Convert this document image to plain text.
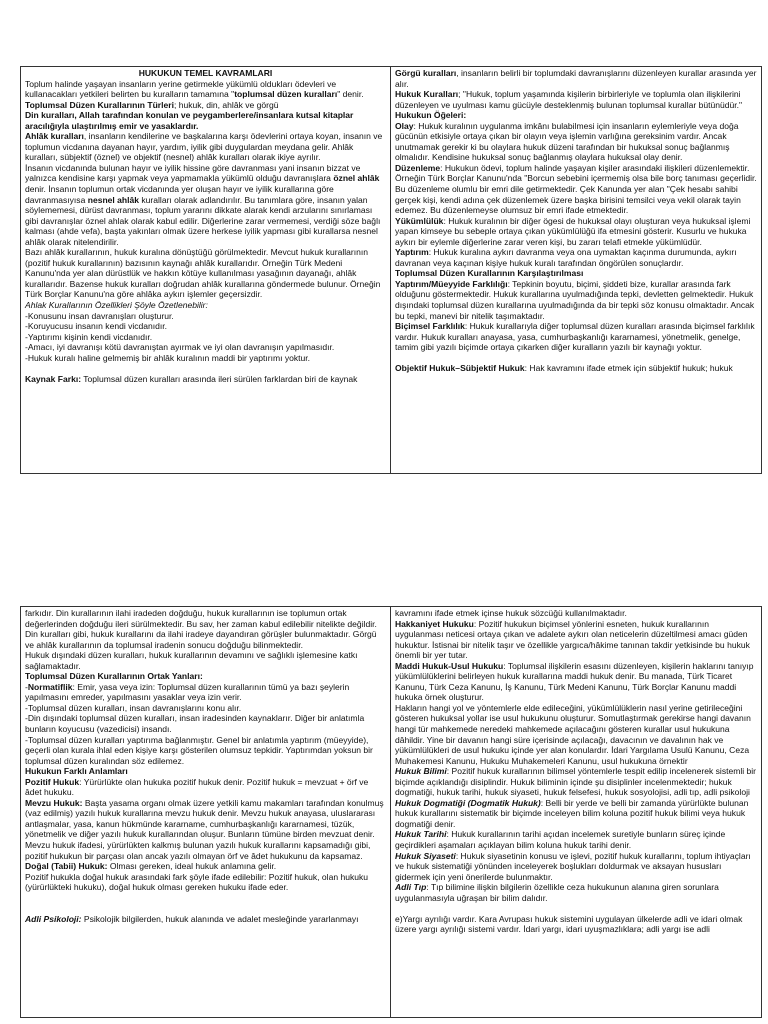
HUKUKUN TEMEL KAVRAMLARI

Toplum halinde yaşayan insanların yerine getirmekle yükümlü oldukları ödevleri ve kullanacakları yetkileri belirten bu kuralların tamamına "toplumsal düzen kuralları" denir.

Toplumsal Düzen Kurallarının Türleri; hukuk, din, ahlâk ve görgü

Din kuralları, Allah tarafından konulan ve peygamberlere/insanlara kutsal kitaplar aracılığıyla ulaştırılmış emir ve yasaklardır.

Ahlâk kuralları, insanların kendilerine ve başkalarına karşı ödevlerini ortaya koyan, insanın ve toplumun vicdanına dayanan hayır, yardım, iyilik gibi duygulardan meydana gelir. Ahlâk kuralları, sübjektif (öznel) ve objektif (nesnel) ahlâk kuralları olarak ikiye ayrılır.

İnsanın vicdanında bulunan hayır ve iyilik hissine göre davranması yani insanın bizzat ve yalnızca kendisine karşı yapmak veya yapmamakla yükümlü olduğu davranışlara öznel ahlâk denir. İnsanın toplumun ortak vicdanında yer oluşan hayır ve iyilik kurallarına göre davranmasıyısa nesnel ahlâk kuralları olarak adlandırılır. Bu tanımlara göre, insanın yalan söylememesi, dürüst davranması, toplum yararını dikkate alarak kendi arzularını sınırlaması gibi davranışlar öznel ahlak olarak kabul edilir. Diğerlerine zarar vermemesi, verdiği söze bağlı kalması (ahde vefa), başta yakınları olmak üzere herkese iyilik yapması gibi kurallarsa nesnel ahlâk olarak nitelendirilir.

Bazı ahlâk kurallarının, hukuk kuralına dönüştüğü görülmektedir. Mevcut hukuk kurallarının (pozitif hukuk kurallarının) bazısının kaynağı ahlâk kurallarıdır. Örneğin Türk Medeni Kanunu'nda yer alan dürüstlük ve hakkın kötüye kullanılması yasağının dayanağı, ahlâk kurallarıdır. Bazense hukuk kuralları doğrudan ahlâk kurallarına göndermede bulunur. Örneğin Türk Borçlar Kanunu'na göre ahlâka aykırı işlemler geçersizdir.

Ahlak Kurallarının Özellikleri Şöyle Özetlenebilir:

-Konusunu insan davranışları oluşturur.

-Koruyucusu insanın kendi vicdanıdır.

-Yaptırımı kişinin kendi vicdanıdır.

-Amacı, iyi davranışı kötü davranıştan ayırmak ve iyi olan davranışın yapılmasıdır.

-Hukuk kuralı haline gelmemiş bir ahlâk kuralının maddi bir yaptırımı yoktur.

Kaynak Farkı: Toplumsal düzen kuralları arasında ileri sürülen farklardan biri de kaynak

Görgü kuralları, insanların belirli bir toplumdaki davranışlarını düzenleyen kurallar arasında yer alır.

Hukuk Kuralları; "Hukuk, toplum yaşamında kişilerin birbirleriyle ve toplumla olan ilişkilerini düzenleyen ve uyulması kamu gücüyle desteklenmiş bulunan toplumsal kurallar bütünüdür."

Hukukun Öğeleri:

Olay: Hukuk kuralının uygulanma imkânı bulabilmesi için insanların eylemleriyle veya doğa gücünün etkisiyle ortaya çıkan bir olayın veya işlemin varlığına gereksinim vardır. Ancak unutmamak gerekir ki bu olaylara hukuk düzeni tarafından bir hukuksal sonuç bağlanmış olmalıdır. Kendisine hukuksal sonuç bağlanmış olaylara hukuksal olay denir.

Düzenleme: Hukukun ödevi, toplum halinde yaşayan kişiler arasındaki ilişkileri düzenlemektir. Örneğin Türk Borçlar Kanunu'nda "Borcun sebebini içermemiş olsa bile borç tanıması geçerlidir. Bu düzenleme olumlu bir emri dile getirmektedir. Çek Kanunda yer alan "Çek hesabı sahibi gerçek kişi, kendi adına çek düzenlemek üzere başka birisini temsilci veya vekil olarak tayin edemez. Bu düzenlemeyse olumsuz bir emri ifade etmektedir.

Yükümlülük: Hukuk kuralının bir diğer ögesi de hukuksal olayı oluşturan veya hukuksal işlemi yapan kimseye bu sebeple ortaya çıkan yükümlülüğü ifa etmesini gösterir. Kusurlu ve hukuka aykırı bir eylemle diğerlerine zarar veren kişi, bu zararı telafi etmekle yükümlüdür.

Yaptırım: Hukuk kuralına aykırı davranma veya ona uymaktan kaçınma durumunda, aykırı davranan veya kaçınan kişiye hukuk kuralı tarafından öngörülen sonuçlardır.

Toplumsal Düzen Kurallarının Karşılaştırılması

Yaptırım/Müeyyide Farklılığı: Tepkinin boyutu, biçimi, şiddeti bize, kurallar arasında fark olduğunu göstermektedir. Hukuk kurallarına uyulmadığında tepki, devletten gelmektedir. Hukuk dışındaki toplumsal düzen kurallarına uyulmadığında da bir tepki söz konusu olmaktadır. Ancak bu tepki, manevi bir nitelik taşımaktadır.

Biçimsel Farklılık: Hukuk kurallarıyla diğer toplumsal düzen kuralları arasında biçimsel farklılık vardır. Hukuk kuralları anayasa, yasa, cumhurbaşkanlığı kararnamesi, yönetmelik, genelge, tamim gibi yazılı biçimde ortaya çıkarken diğer kuralların yazılı bir kaynağı yoktur.

Objektif Hukuk–Sübjektif Hukuk: Hak kavramını ifade etmek için sübjektif hukuk; hukuk

farkıdır. Din kurallarının ilahi iradeden doğduğu, hukuk kurallarının ise toplumun ortak değerlerinden doğduğu ileri sürülmektedir. Bu sav, her zaman kabul edilebilir nitelikte değildir. Din kuralları gibi, hukuk kurallarını da ilahi iradeye dayandıran görüşler bulunmaktadır. Görgü ve ahlâk kurallarının da toplumsal iradenin sonucu doğduğu bilinmektedir.

Hukuk dışındaki düzen kuralları, hukuk kurallarının devamını ve sağlıklı işlemesine katkı sağlamaktadır.

Toplumsal Düzen Kurallarının Ortak Yanları:

-Normatiflik: Emir, yasa veya izin: Toplumsal düzen kurallarının tümü ya bazı şeylerin yapılmasını emreder, yapılmasını yasaklar veya izin verir.

-Toplumsal düzen kuralları, insan davranışlarını konu alır.

-Din dışındaki toplumsal düzen kuralları, insan iradesinden kaynaklarır. Diğer bir anlatımla bunların koyucusu (vazedicisi) insandı.

-Toplumsal düzen kuralları yaptırıma bağlanmıştır. Genel bir anlatımla yaptırım (müeyyide), geçerli olan kurala ihlal eden kişiye karşı gösterilen olumsuz tepkidir. Yaptırımdan yoksun bir toplumsal düzen kuralından söz edilemez.

Hukukun Farklı Anlamları

Pozitif Hukuk: Yürürlükte olan hukuka pozitif hukuk denir. Pozitif hukuk = mevzuat + örf ve âdet hukuku.

Mevzu Hukuk: Başta yasama organı olmak üzere yetkili kamu makamları tarafından konulmuş (vaz edilmiş) yazılı hukuk kurallarına mevzu hukuk denir. Mevzu hukuk anayasa, uluslararası antlaşmalar, yasa, kanun hükmünde kararname, cumhurbaşkanlığı kararnamesi, tüzük, yönetmelik ve diğer yazılı hukuk kurallarından oluşur. Bunların tümüne birden mevzuat denir. Mevzu hukuk ifadesi, yürürlükten kalkmış bulunan yazılı hukuk kurallarını kapsamadığı gibi, pozitif hukukun bir parçası olan ancak yazılı olmayan örf ve âdet hukukunu da kapsamaz.

Doğal (Tabii) Hukuk: Olması gereken, ideal hukuk anlamına gelir.

Pozitif hukukla doğal hukuk arasındaki fark şöyle ifade edilebilir: Pozitif hukuk, olan hukuku (yürürlükteki hukuku), doğal hukuk olması gereken hukuku ifade eder.

Adli Psikoloji: Psikolojik bilgilerden, hukuk alanında ve adalet mesleğinde yararlanmayı

kavramını ifade etmek içinse hukuk sözcüğü kullanılmaktadır.

Hakkaniyet Hukuku: Pozitif hukukun biçimsel yönlerini esneten, hukuk kurallarının uygulanması neticesi ortaya çıkan ve adalete aykırı olan neticelerin düzeltilmesi amacı güden hukuktur. İstisnai bir nitelik taşır ve özellikle yargıca/hâkime tanınan takdir yetkisinde bu hukuk önemli bir yer tutar.

Maddi Hukuk-Usul Hukuku: Toplumsal ilişkilerin esasını düzenleyen, kişilerin haklarını tanıyıp yükümlülüklerini belirleyen hukuk kurallarına maddi hukuk denir. Bu manada, Türk Ticaret Kanunu, Türk Ceza Kanunu, İş Kanunu, Türk Medeni Kanunu, Türk Borçlar Kanunu maddi hukuka örnek oluşturur.

Hakların hangi yol ve yöntemlerle elde edileceğini, yükümlülüklerin nasıl yerine getirileceğini gösteren hukuksal yollar ise usul hukukunu oluşturur. Somutlaştırmak gerekirse hangi davanın hangi tür mahkemede neredeki mahkemede açılacağını gösteren kurallar usul hukukuna dâhildir. Yine bir davanın hangi süre içerisinde açılacağı, davacının ve davalının hak ve yükümlülükleri de usul hukuku içinde yer alan konulardır. İdari Yargılama Usulü Kanunu, Ceza Muhakemesi Kanunu, Hukuku Muhakemeleri Kanunu, usul hukukuna örnektir

Hukuk Bilimi: Pozitif hukuk kurallarının bilimsel yöntemlerle tespit edilip incelenerek sistemli bir biçimde açıklandığı disiplindir. Hukuk biliminin içinde şu disiplinler incelenmektedir; hukuk dogmatiği, hukuk tarihi, hukuk siyaseti, hukuk felsefesi, hukuk sosyolojisi, adli tıp, adli psikoloji

Hukuk Dogmatiği (Dogmatik Hukuk): Belli bir yerde ve belli bir zamanda yürürlükte bulunan hukuk kurallarını sistematik bir biçimde inceleyen bilim koluna pozitif hukuk bilimi veya hukuk dogmatiği denir.

Hukuk Tarihi: Hukuk kurallarının tarihi açıdan incelemek suretiyle bunların süreç içinde geçirdikleri aşamaları açıklayan bilim koluna hukuk tarihi denir.

Hukuk Siyaseti: Hukuk siyasetinin konusu ve işlevi, pozitif hukuk kurallarını, toplum ihtiyaçları ve hukuk sistematiği yönünden inceleyerek boşlukları doldurmak ve aksayan hususları gidermek için yeni önerilerde bulunmaktır.

Adli Tıp: Tıp bilimine ilişkin bilgilerin özellikle ceza hukukunun alanına giren sorunlara uygulanmasıyla uğraşan bir bilim dalıdır.

e)Yargı ayrılığı vardır. Kara Avrupası hukuk sistemini uygulayan ülkelerde adli ve idari olmak üzere yargı ayrılığı sistemi vardır. İdari yargı, idari uyuşmazlıklara; adli yargı ise adli
